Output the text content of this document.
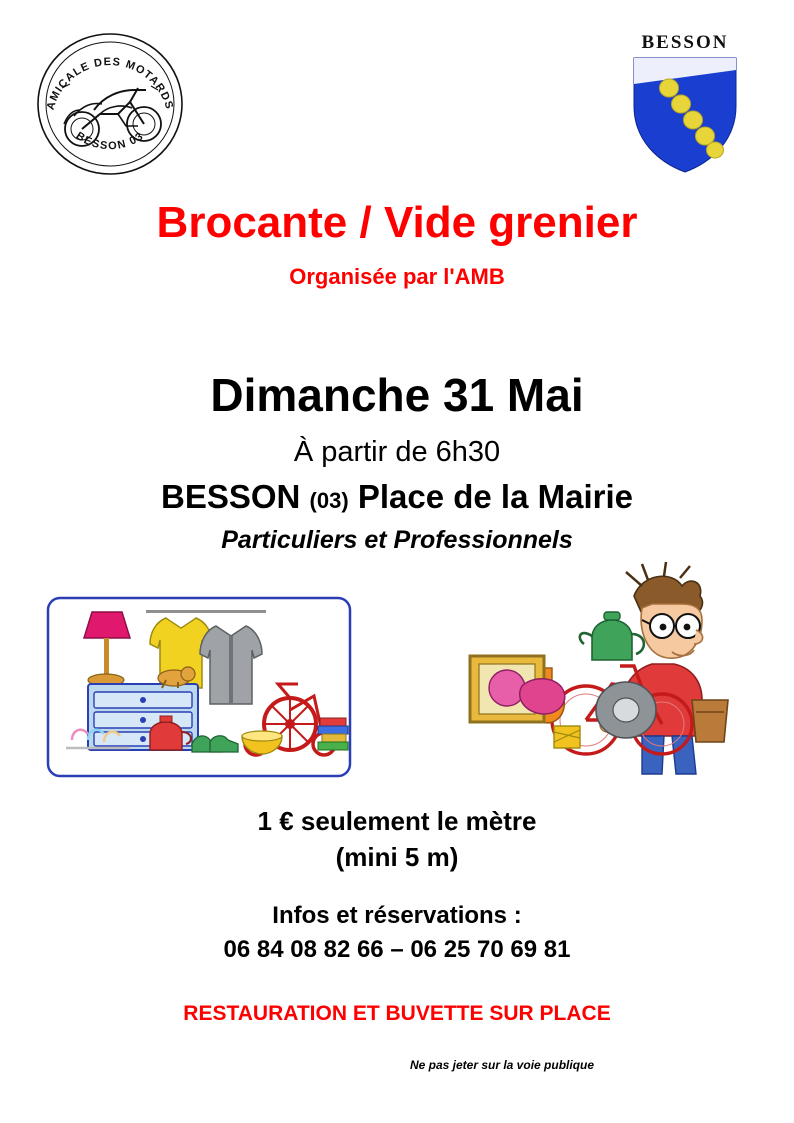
AMICALE DES MOTARDS
BESSON 03
BESSON
Brocante / Vide grenier
Organisée par l'AMB
Dimanche 31 Mai
À partir de 6h30
BESSON (03) Place de la Mairie
Particuliers et Professionnels
1 € seulement le mètre
(mini 5 m)
Infos et réservations :
06 84 08 82 66 – 06 25 70 69 81
RESTAURATION ET BUVETTE SUR PLACE
Ne pas jeter sur la voie publique
